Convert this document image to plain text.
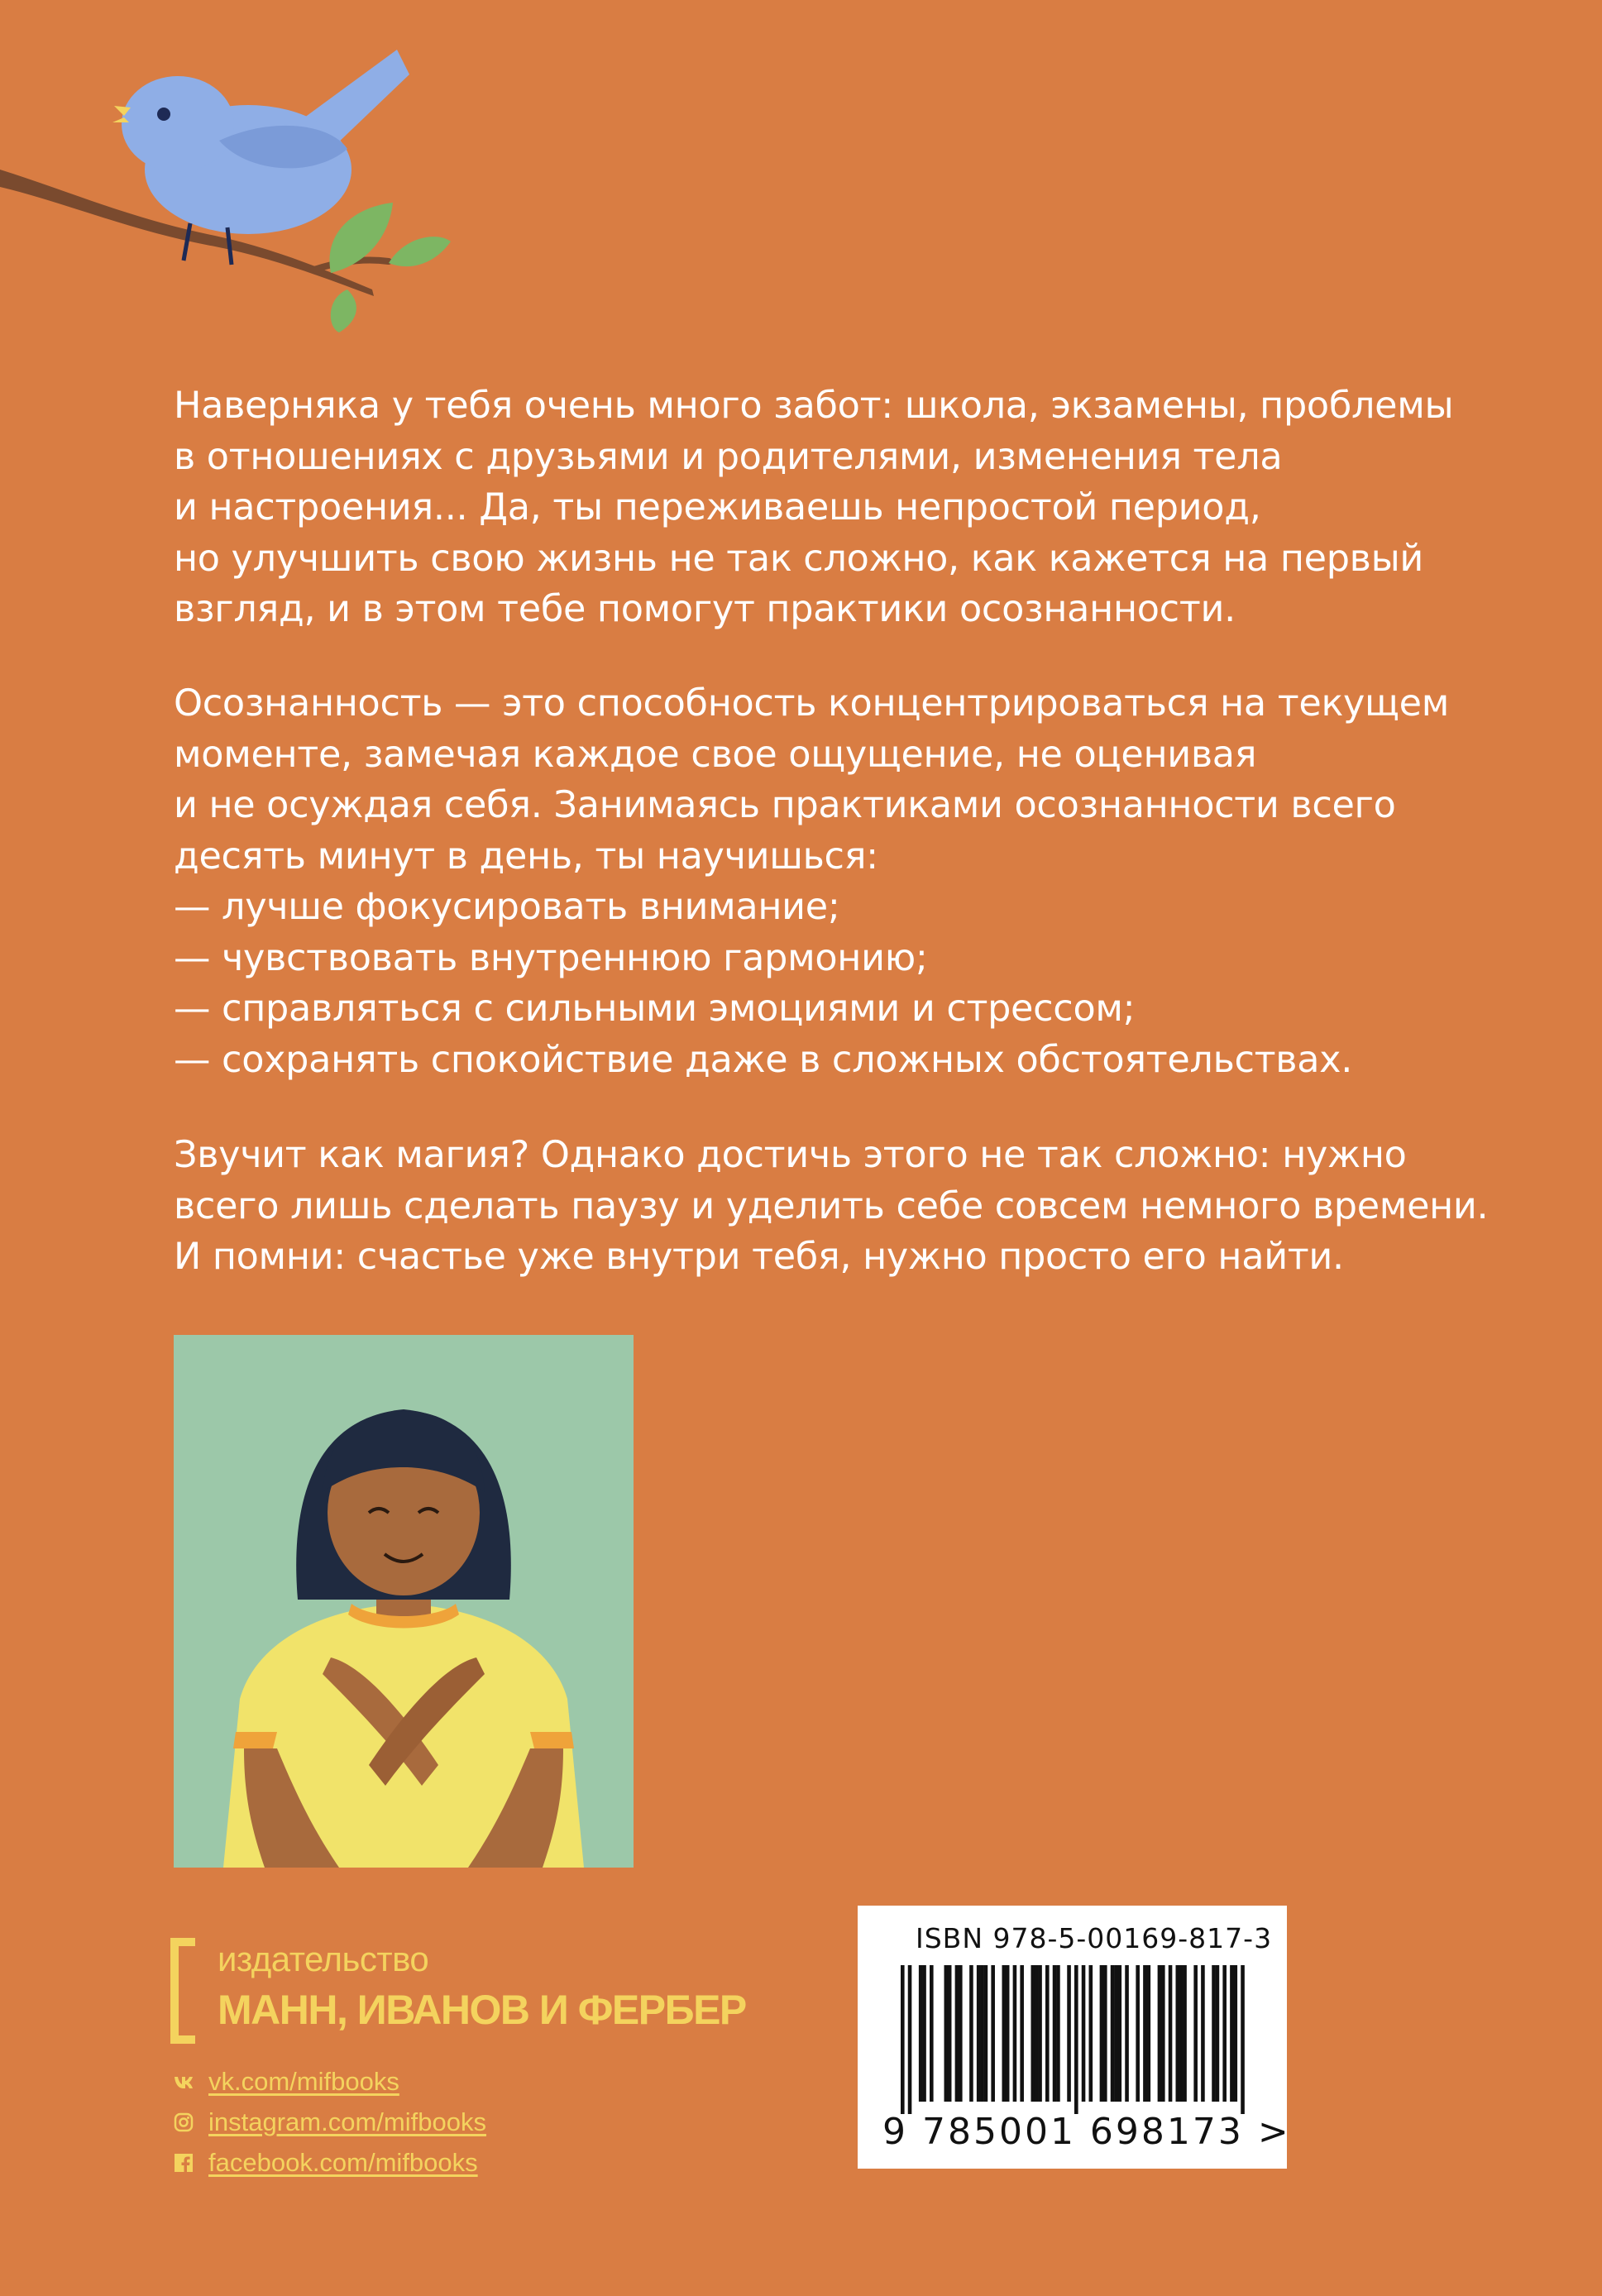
Наверняка у тебя очень много забот: школа, экзамены, проблемы

в отношениях с друзьями и родителями, изменения тела

и настроения... Да, ты переживаешь непростой период,

но улучшить свою жизнь не так сложно, как кажется на первый

взгляд, и в этом тебе помогут практики осознанности.

Осознанность — это способность концентрироваться на текущем

моменте, замечая каждое свое ощущение, не оценивая

и не осуждая себя. Занимаясь практиками осознанности всего

десять минут в день, ты научишься:

— лучше фокусировать внимание;

— чувствовать внутреннюю гармонию;

— справляться с сильными эмоциями и стрессом;

— сохранять спокойствие даже в сложных обстоятельствах.

Звучит как магия? Однако достичь этого не так сложно: нужно

всего лишь сделать паузу и уделить себе совсем немного времени.

И помни: счастье уже внутри тебя, нужно просто его найти.

издательство
МАНН, ИВАНОВ И ФЕРБЕР
vk.com/mifbooks
instagram.com/mifbooks
facebook.com/mifbooks
ISBN 978-5-00169-817-3
9 785001 698173 >
